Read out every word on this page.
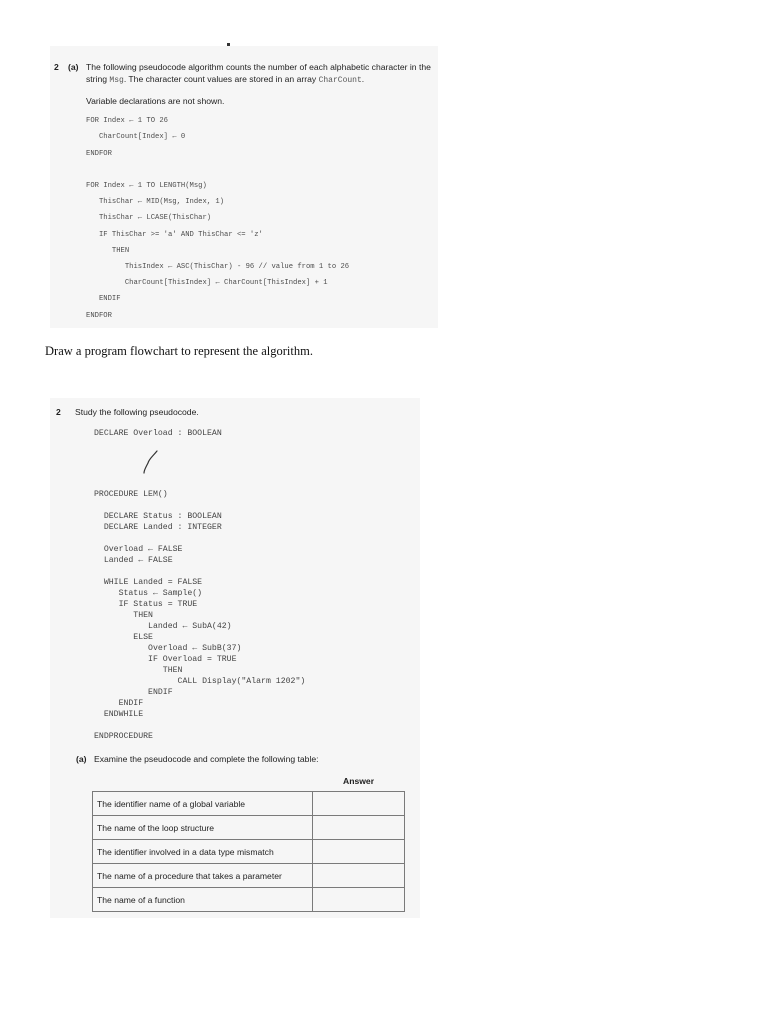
2 (a) The following pseudocode algorithm counts the number of each alphabetic character in the
string Msg. The character count values are stored in an array CharCount.
Variable declarations are not shown.
FOR Index ← 1 TO 26
CharCount[Index] ← 0
ENDFOR
FOR Index ← 1 TO LENGTH(Msg)
ThisChar ← MID(Msg, Index, 1)
ThisChar ← LCASE(ThisChar)
IF ThisChar >= 'a' AND ThisChar <= 'z'
THEN
ThisIndex ← ASC(ThisChar) - 96 // value from 1 to 26
CharCount[ThisIndex] ← CharCount[ThisIndex] + 1
ENDIF
ENDFOR
Draw a program flowchart to represent the algorithm.
2 Study the following pseudocode.
DECLARE Overload : BOOLEAN
PROCEDURE LEM()
DECLARE Status : BOOLEAN
DECLARE Landed : INTEGER
Overload ← FALSE
Landed ← FALSE
WHILE Landed = FALSE
Status ← Sample()
IF Status = TRUE
THEN
Landed ← SubA(42)
ELSE
Overload ← SubB(37)
IF Overload = TRUE
THEN
CALL Display("Alarm 1202")
ENDIF
ENDIF
ENDWHILE
ENDPROCEDURE
(a) Examine the pseudocode and complete the following table:
Answer
The identifier name of a global variable	
The name of the loop structure	
The identifier involved in a data type mismatch	
The name of a procedure that takes a parameter	
The name of a function	
